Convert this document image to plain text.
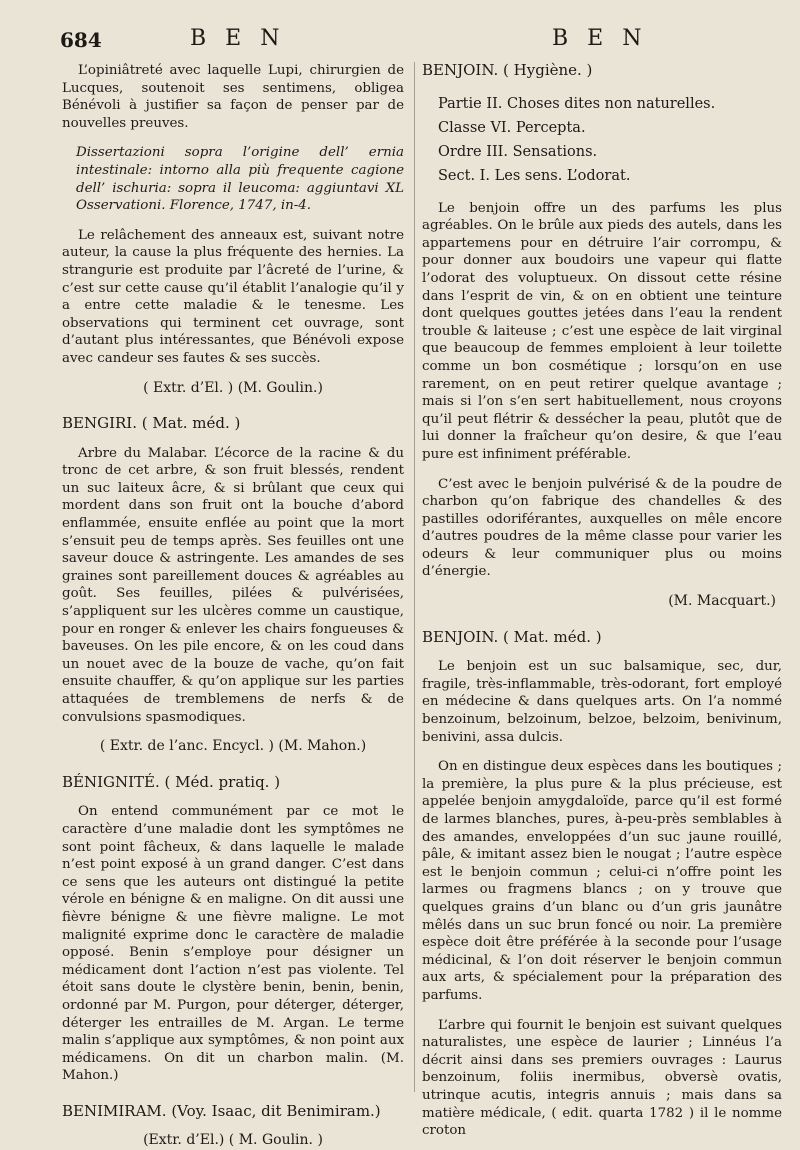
684	B E N	B E N

L’opiniâtreté avec laquelle Lupi, chirurgien de Lucques, soutenoit ses sentimens, obligea Bénévoli à justifier sa façon de penser par de nouvelles preuves.

Dissertazioni sopra l’origine dell’ ernia intestinale: intorno alla più frequente cagione dell’ ischuria: sopra il leucoma: aggiuntavi XL Osservationi. Florence, 1747, in-4.

Le relâchement des anneaux est, suivant notre auteur, la cause la plus fréquente des hernies. La strangurie est produite par l’âcreté de l’urine, & c’est sur cette cause qu’il établit l’analogie qu’il y a entre cette maladie & le tenesme. Les observations qui terminent cet ouvrage, sont d’autant plus intéressantes, que Bénévoli expose avec candeur ses fautes & ses succès.

( Extr. d’El. ) (M. Goulin.)

BENGIRI. ( Mat. méd. )

Arbre du Malabar. L’écorce de la racine & du tronc de cet arbre, & son fruit blessés, rendent un suc laiteux âcre, & si brûlant que ceux qui mordent dans son fruit ont la bouche d’abord enflammée, ensuite enflée au point que la mort s’ensuit peu de temps après. Ses feuilles ont une saveur douce & astringente. Les amandes de ses graines sont pareillement douces & agréables au goût. Ses feuilles, pilées & pulvérisées, s’appliquent sur les ulcères comme un caustique, pour en ronger & enlever les chairs fongueuses & baveuses. On les pile encore, & on les coud dans un nouet avec de la bouze de vache, qu’on fait ensuite chauffer, & qu’on applique sur les parties attaquées de tremblemens de nerfs & de convulsions spasmodiques.

( Extr. de l’anc. Encycl. ) (M. Mahon.)

BÉNIGNITÉ. ( Méd. pratiq. )

On entend communément par ce mot le caractère d’une maladie dont les symptômes ne sont point fâcheux, & dans laquelle le malade n’est point exposé à un grand danger. C’est dans ce sens que les auteurs ont distingué la petite vérole en bénigne & en maligne. On dit aussi une fièvre bénigne & une fièvre maligne. Le mot malignité exprime donc le caractère de maladie opposé. Benin s’employe pour désigner un médicament dont l’action n’est pas violente. Tel étoit sans doute le clystère benin, benin, benin, ordonné par M. Purgon, pour déterger, déterger, déterger les entrailles de M. Argan. Le terme malin s’applique aux symptômes, & non point aux médicamens. On dit un charbon malin. (M. Mahon.)

BENIMIRAM. (Voy. Isaac, dit Benimiram.)

(Extr. d’El.) ( M. Goulin. )

BENJOIN. ( Hygiène. )

Partie II. Choses dites non naturelles.

Classe VI. Percepta.

Ordre III. Sensations.

Sect. I. Les sens. L’odorat.

Le benjoin offre un des parfums les plus agréables. On le brûle aux pieds des autels, dans les appartemens pour en détruire l’air corrompu, & pour donner aux boudoirs une vapeur qui flatte l’odorat des voluptueux. On dissout cette résine dans l’esprit de vin, & on en obtient une teinture dont quelques gouttes jetées dans l’eau la rendent trouble & laiteuse ; c’est une espèce de lait virginal que beaucoup de femmes emploient à leur toilette comme un bon cosmétique ; lorsqu’on en use rarement, on en peut retirer quelque avantage ; mais si l’on s’en sert habituellement, nous croyons qu’il peut flétrir & dessécher la peau, plutôt que de lui donner la fraîcheur qu’on desire, & que l’eau pure est infiniment préférable.

C’est avec le benjoin pulvérisé & de la poudre de charbon qu’on fabrique des chandelles & des pastilles odoriférantes, auxquelles on mêle encore d’autres poudres de la même classe pour varier les odeurs & leur communiquer plus ou moins d’énergie.

(M. Macquart.)

BENJOIN. ( Mat. méd. )

Le benjoin est un suc balsamique, sec, dur, fragile, très-inflammable, très-odorant, fort employé en médecine & dans quelques arts. On l’a nommé benzoinum, belzoinum, belzoe, belzoim, benivinum, benivini, assa dulcis.

On en distingue deux espèces dans les boutiques ; la première, la plus pure & la plus précieuse, est appelée benjoin amygdaloïde, parce qu’il est formé de larmes blanches, pures, à-peu-près semblables à des amandes, enveloppées d’un suc jaune rouillé, pâle, & imitant assez bien le nougat ; l’autre espèce est le benjoin commun ; celui-ci n’offre point les larmes ou fragmens blancs ; on y trouve que quelques grains d’un blanc ou d’un gris jaunâtre mêlés dans un suc brun foncé ou noir. La première espèce doit être préférée à la seconde pour l’usage médicinal, & l’on doit réserver le benjoin commun aux arts, & spécialement pour la préparation des parfums.

L’arbre qui fournit le benjoin est suivant quelques naturalistes, une espèce de laurier ; Linnéus l’a décrit ainsi dans ses premiers ouvrages : Laurus benzoinum, foliis inermibus, obversè ovatis, utrinque acutis, integris annuis ; mais dans sa matière médicale, ( edit. quarta 1782 ) il le nomme croton
